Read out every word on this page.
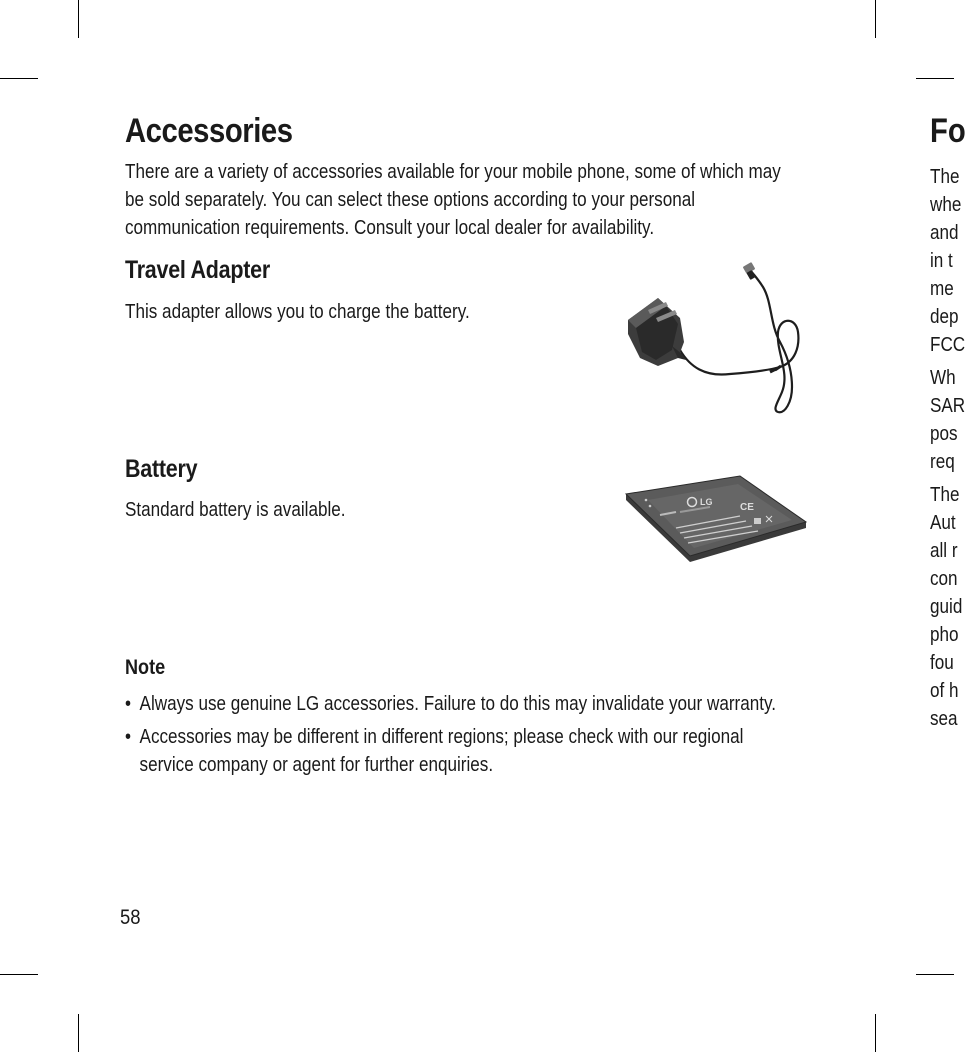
Accessories
There are a variety of accessories available for your mobile phone, some of which may be sold separately. You can select these options according to your personal communication requirements. Consult your local dealer for availability.
Travel Adapter
This adapter allows you to charge the battery.
Battery
Standard battery is available.	LG	CE
Note
• Always use genuine LG accessories. Failure to do this may invalidate your warranty.
• Accessories may be different in different regions; please check with our regional service company or agent for further enquiries.
58
Fo
The
whe
and
in t
me
dep
FCC
Wh
SAR
pos
req
The
Aut
all r
con
guid
pho
fou
of h
sea
